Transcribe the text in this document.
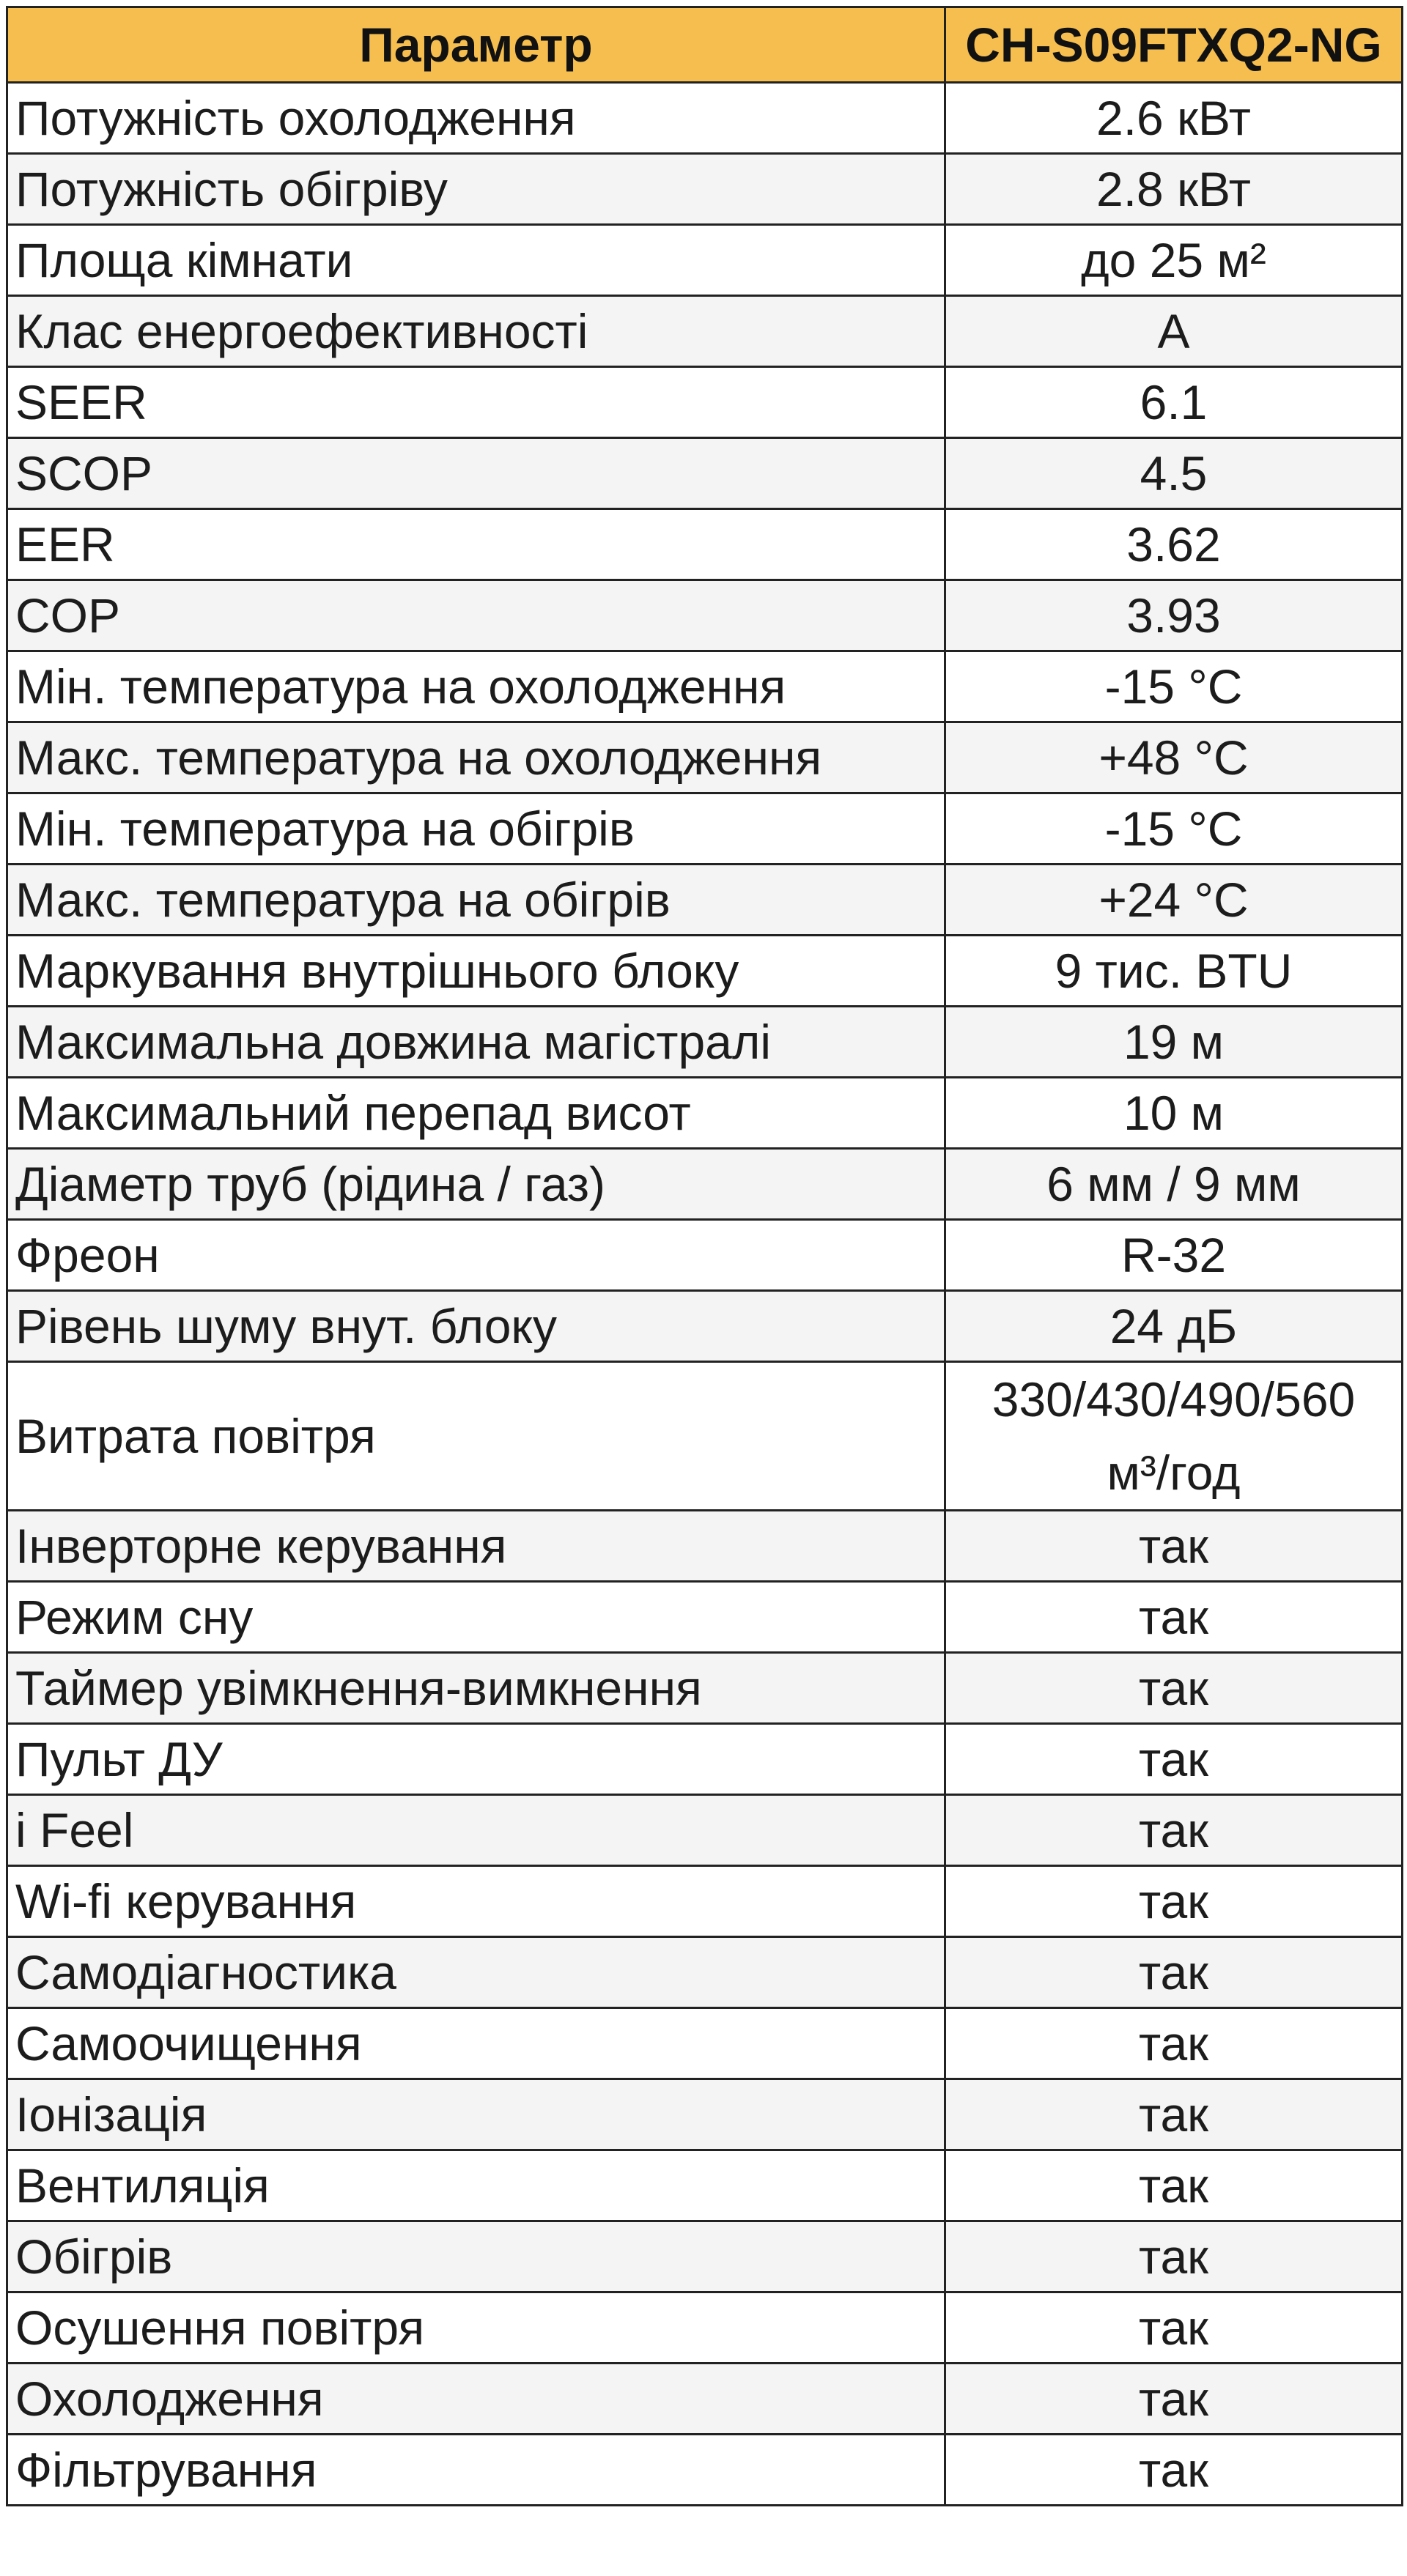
Параметр	CH-S09FTXQ2-NG
Потужність охолодження	2.6 кВт
Потужність обігріву	2.8 кВт
Площа кімнати	до 25 м²
Клас енергоефективності	A
SEER	6.1
SCOP	4.5
EER	3.62
COP	3.93
Мін. температура на охолодження	-15 °C
Макс. температура на охолодження	+48 °C
Мін. температура на обігрів	-15 °C
Макс. температура на обігрів	+24 °C
Маркування внутрішнього блоку	9 тис. BTU
Максимальна довжина магістралі	19 м
Максимальний перепад висот	10 м
Діаметр труб (рідина / газ)	6 мм / 9 мм
Фреон	R-32
Рівень шуму внут. блоку	24 дБ
Витрата повітря	330/430/490/560
м³/год

Інверторне керування	так
Режим сну	так
Таймер увімкнення-вимкнення	так
Пульт ДУ	так
i Feel	так
Wi-fi керування	так
Самодіагностика	так
Самоочищення	так
Іонізація	так
Вентиляція	так
Обігрів	так
Осушення повітря	так
Охолодження	так
Фільтрування	так
